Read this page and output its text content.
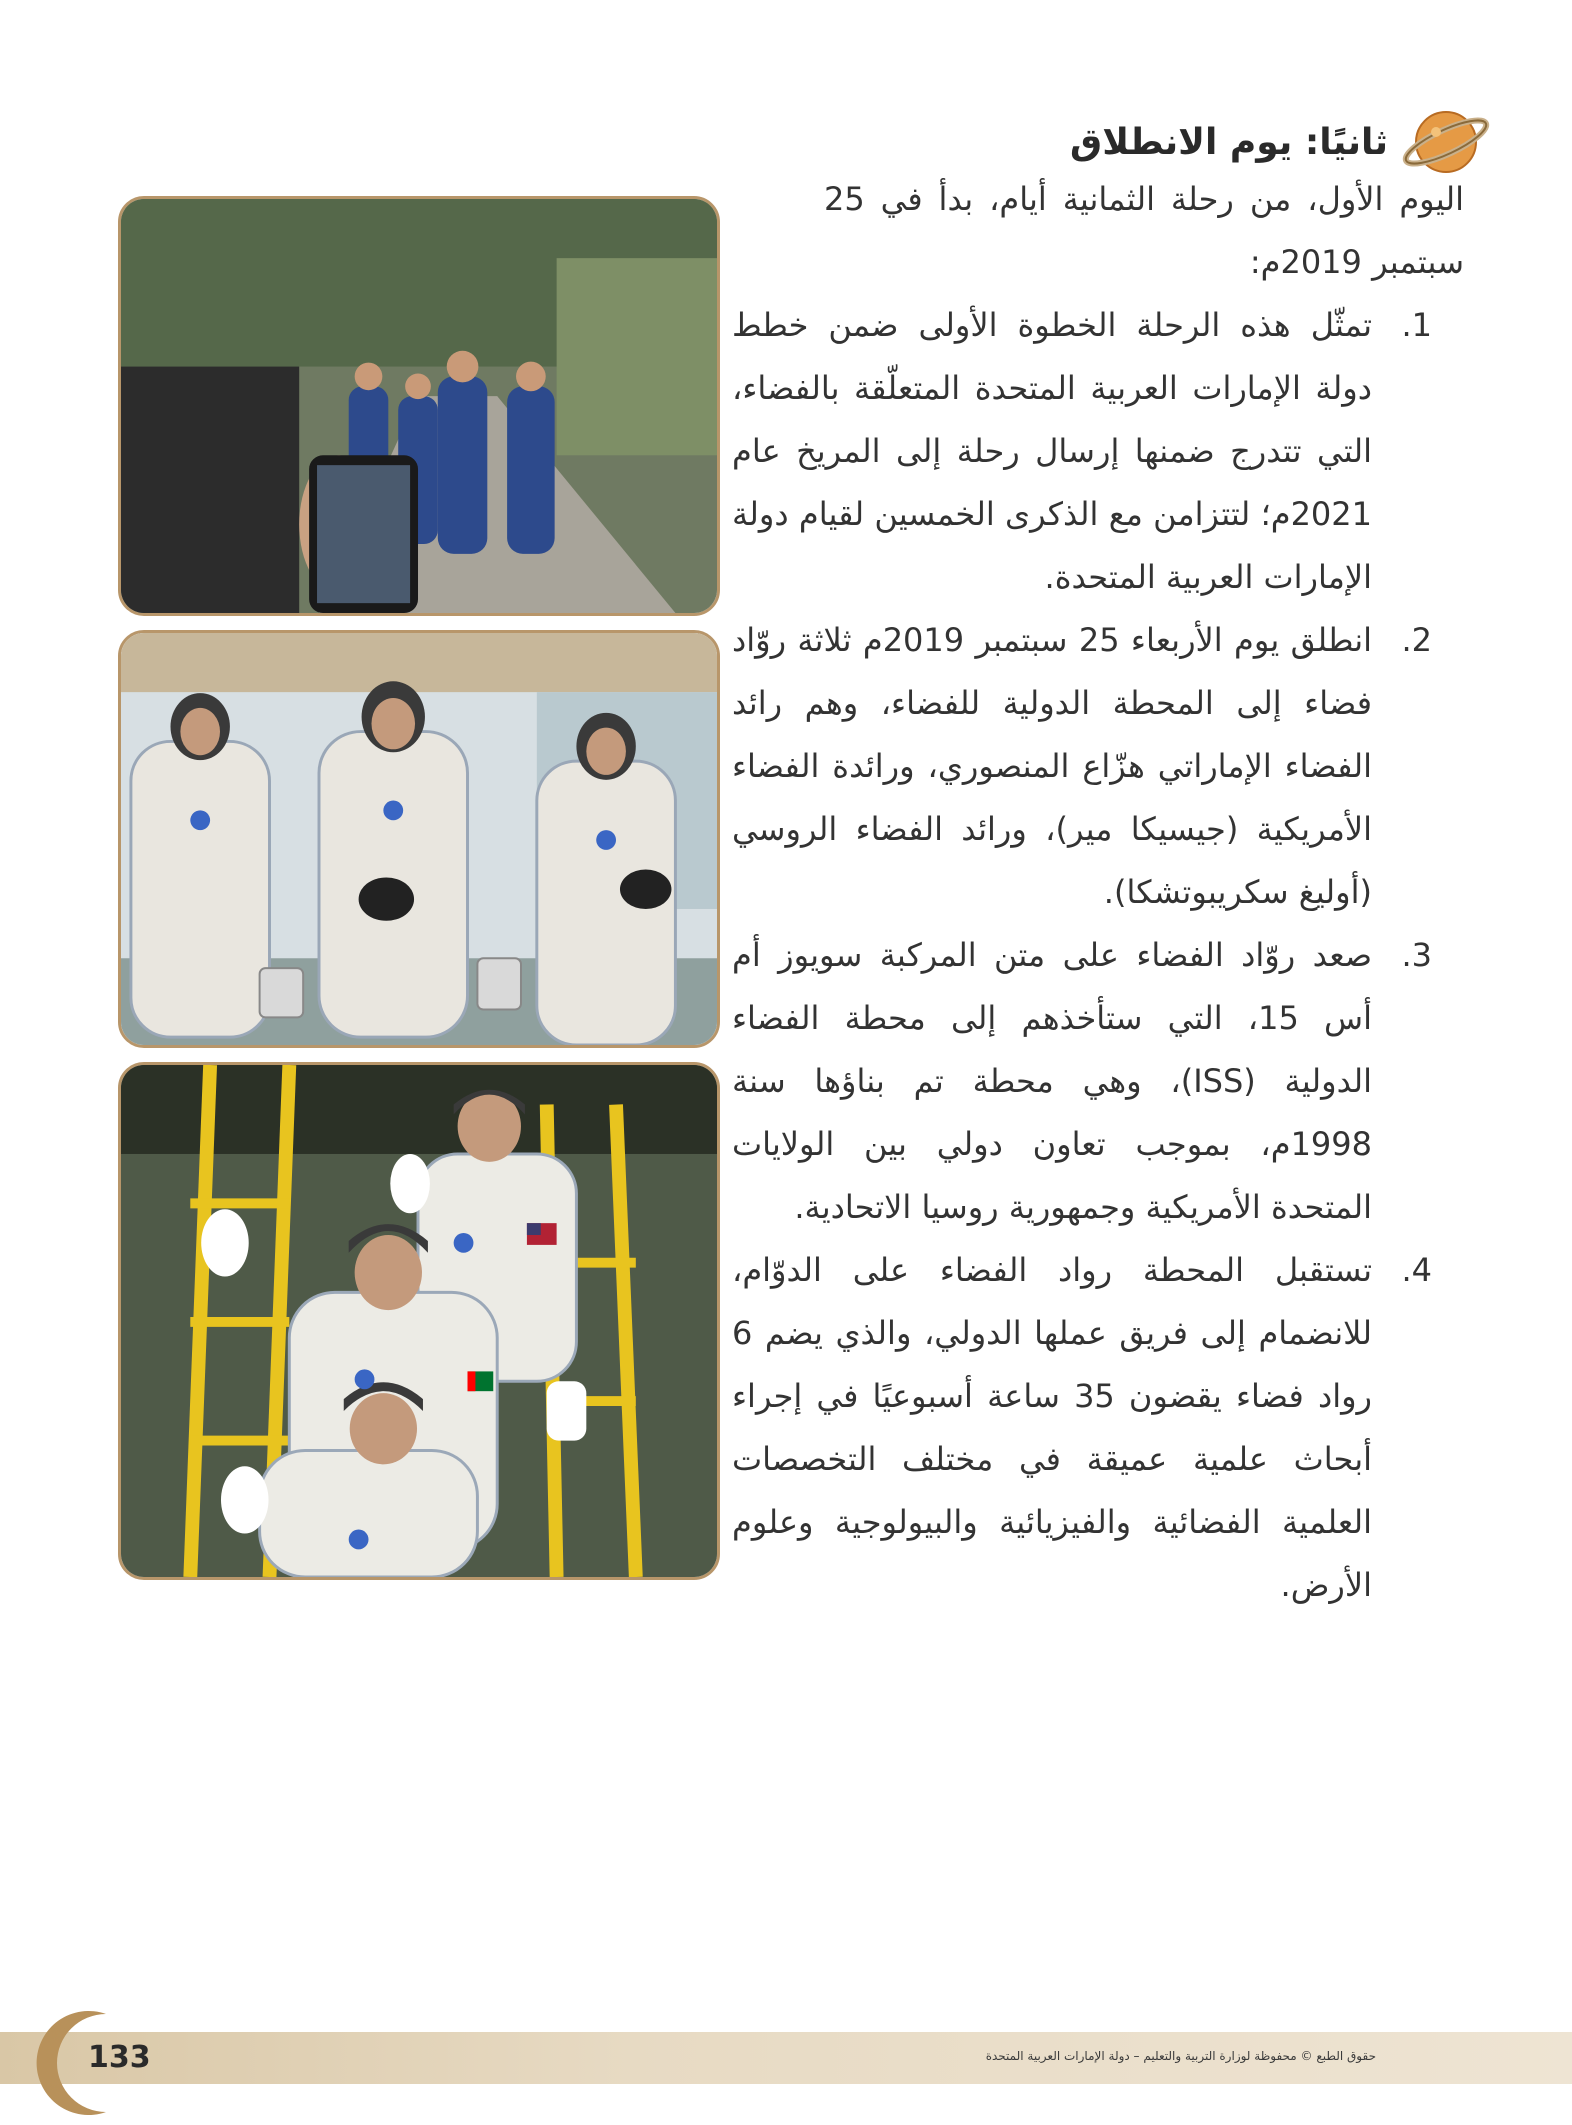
ثانيًا: يوم الانطلاق

اليوم الأول، من رحلة الثمانية أيام، بدأ في 25 سبتمبر 2019م:

1.
تمثّل هذه الرحلة الخطوة الأولى ضمن خطط دولة الإمارات العربية المتحدة المتعلّقة بالفضاء، التي تتدرج ضمنها إرسال رحلة إلى المريخ عام 2021م؛ لتتزامن مع الذكرى الخمسين لقيام دولة الإمارات العربية المتحدة.
2.
انطلق يوم الأربعاء 25 سبتمبر 2019م ثلاثة روّاد فضاء إلى المحطة الدولية للفضاء، وهم رائد الفضاء الإماراتي هزّاع المنصوري، ورائدة الفضاء الأمريكية (جيسيكا مير)، ورائد الفضاء الروسي (أوليغ سكريبوتشكا).
3.
صعد روّاد الفضاء على متن المركبة سويوز أم أس 15، التي ستأخذهم إلى محطة الفضاء الدولية (ISS)، وهي محطة تم بناؤها سنة 1998م، بموجب تعاون دولي بين الولايات المتحدة الأمريكية وجمهورية روسيا الاتحادية.
4.
تستقبل المحطة رواد الفضاء على الدوّام، للانضمام إلى فريق عملها الدولي، والذي يضم 6 رواد فضاء يقضون 35 ساعة أسبوعيًا في إجراء أبحاث علمية عميقة في مختلف التخصصات العلمية الفضائية والفيزيائية والبيولوجية وعلوم الأرض.
133	حقوق الطبع © محفوظة لوزارة التربية والتعليم – دولة الإمارات العربية المتحدة
